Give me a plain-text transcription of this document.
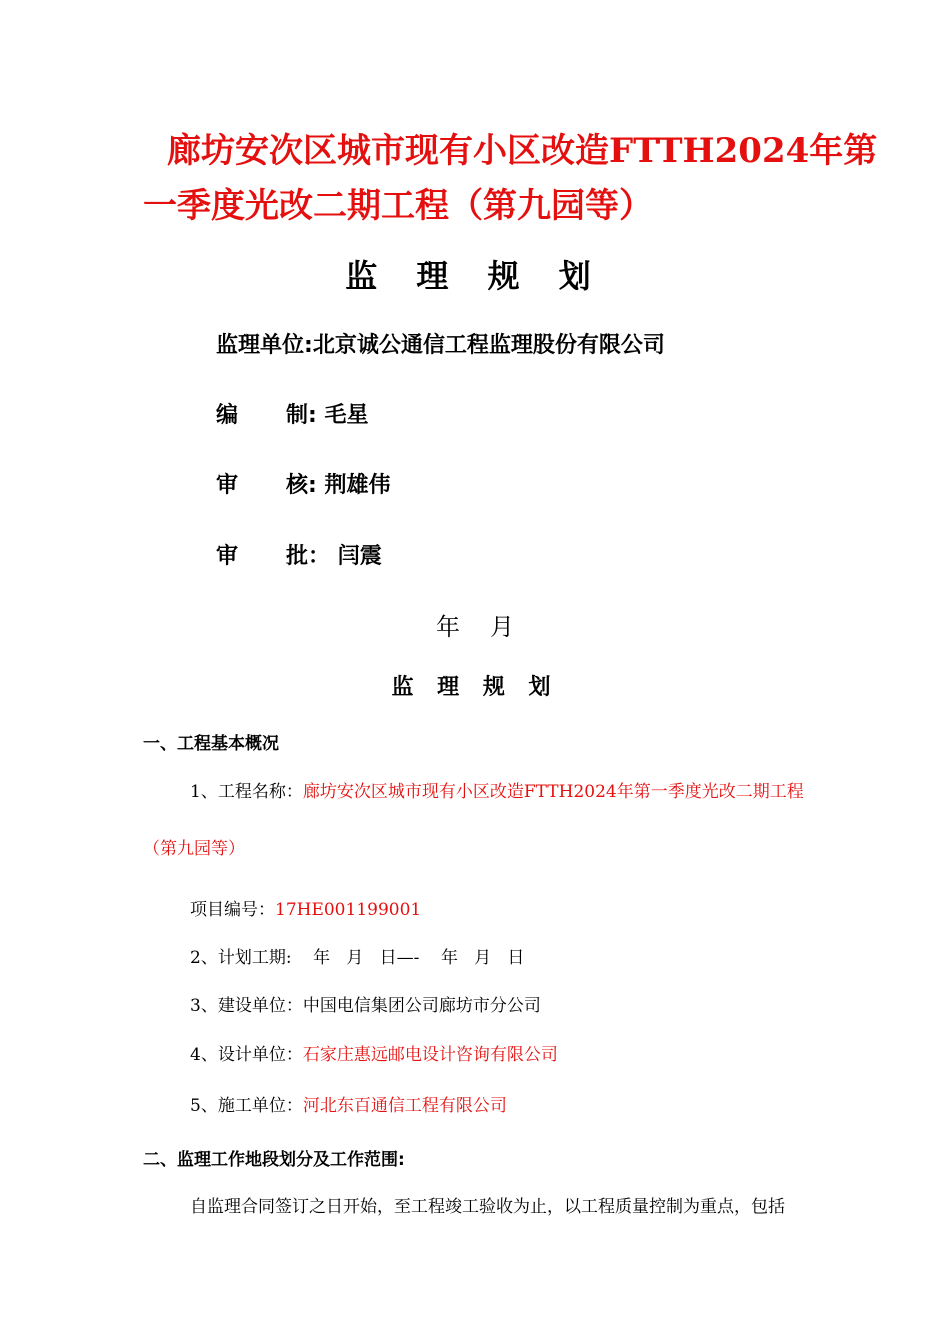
廊坊安次区城市现有小区改造FTTH2024年第
一季度光改二期工程（第九园等）
监 理 规 划
监理单位:北京诚公通信工程监理股份有限公司
编 制: 毛星
审 核: 荆雄伟
审 批： 闫震
年 月
监 理 规 划
一、工程基本概况
1、工程名称：廊坊安次区城市现有小区改造FTTH2024年第一季度光改二期工程
（第九园等）
项目编号：17HE001199001
2、计划工期: 年   月   日—-    年   月   日
3、建设单位：中国电信集团公司廊坊市分公司
4、设计单位：石家庄惠远邮电设计咨询有限公司
5、施工单位：河北东百通信工程有限公司
二、监理工作地段划分及工作范围:
自监理合同签订之日开始，至工程竣工验收为止，以工程质量控制为重点，包括
